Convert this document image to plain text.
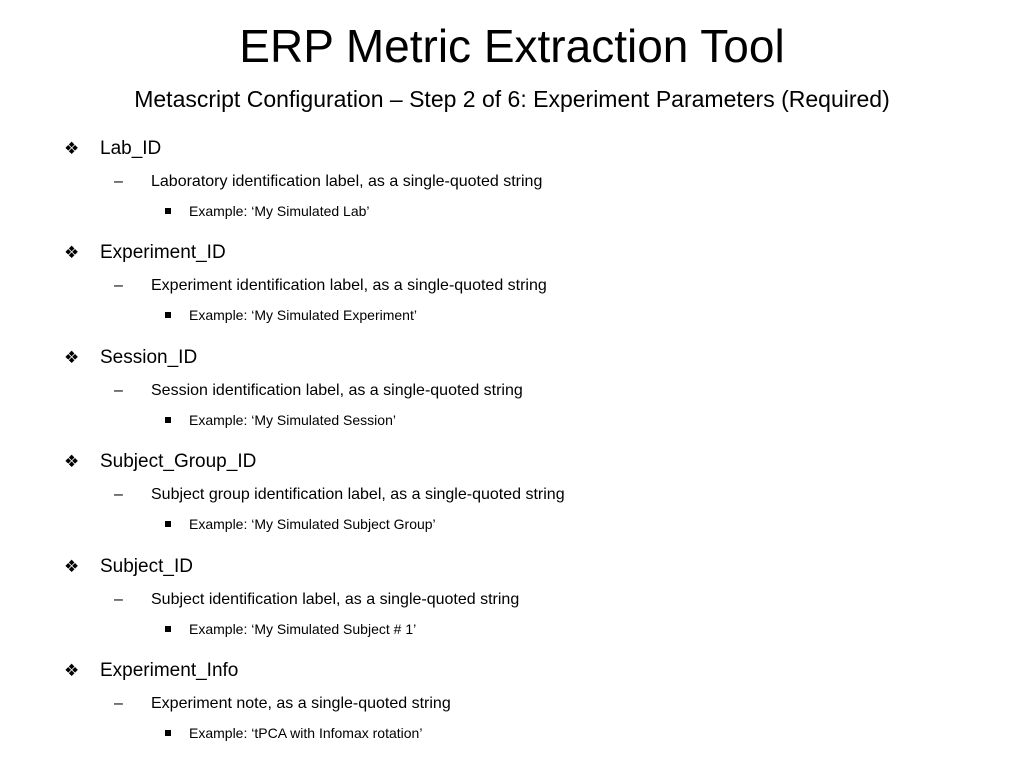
ERP Metric Extraction Tool
Metascript Configuration – Step 2 of 6: Experiment Parameters (Required)
❖ Lab_ID
– Laboratory identification label, as a single-quoted string
Example: ‘My Simulated Lab’
❖ Experiment_ID
– Experiment identification label, as a single-quoted string
Example: ‘My Simulated Experiment’
❖ Session_ID
– Session identification label, as a single-quoted string
Example: ‘My Simulated Session’
❖ Subject_Group_ID
– Subject group identification label, as a single-quoted string
Example: ‘My Simulated Subject Group’
❖ Subject_ID
– Subject identification label, as a single-quoted string
Example: ‘My Simulated Subject # 1’
❖ Experiment_Info
– Experiment note, as a single-quoted string
Example: ‘tPCA with Infomax rotation’
